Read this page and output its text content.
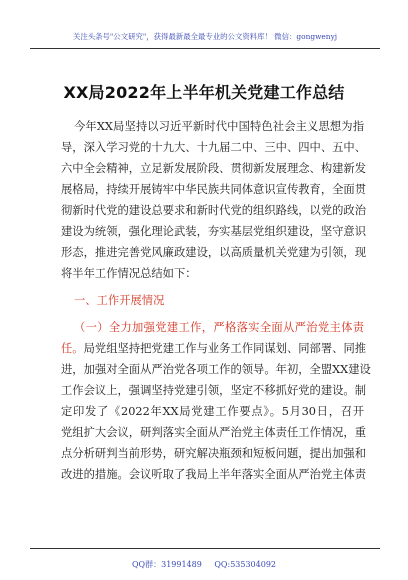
关注头条号"公文研究"，获得最新最全最专业的公文资料库！ 微信：gongwenyj
XX局2022年上半年机关党建工作总结
今年XX局坚持以习近平新时代中国特色社会主义思想为指
导，深入学习党的十九大、十九届二中、三中、四中、五中、
六中全会精神，立足新发展阶段、贯彻新发展理念、构建新发
展格局，持续开展铸牢中华民族共同体意识宣传教育，全面贯
彻新时代党的建设总要求和新时代党的组织路线，以党的政治
建设为统领，强化理论武装，夯实基层党组织建设，坚守意识
形态，推进完善党风廉政建设，以高质量机关党建为引领，现
将半年工作情况总结如下：
一、工作开展情况
（一）全力加强党建工作，严格落实全面从严治党主体责
任。局党组坚持把党建工作与业务工作同谋划、同部署、同推
进，加强对全面从严治党各项工作的领导。年初，全盟XX建设
工作会议上，强调坚持党建引领，坚定不移抓好党的建设。制
定印发了《2022年XX局党建工作要点》。5月30日，召开
党组扩大会议，研判落实全面从严治党主体责任工作情况，重
点分析研判当前形势，研究解决瓶颈和短板问题，提出加强和
改进的措施。会议听取了我局上半年落实全面从严治党主体责
QQ群：31991489 QQ:535304092
